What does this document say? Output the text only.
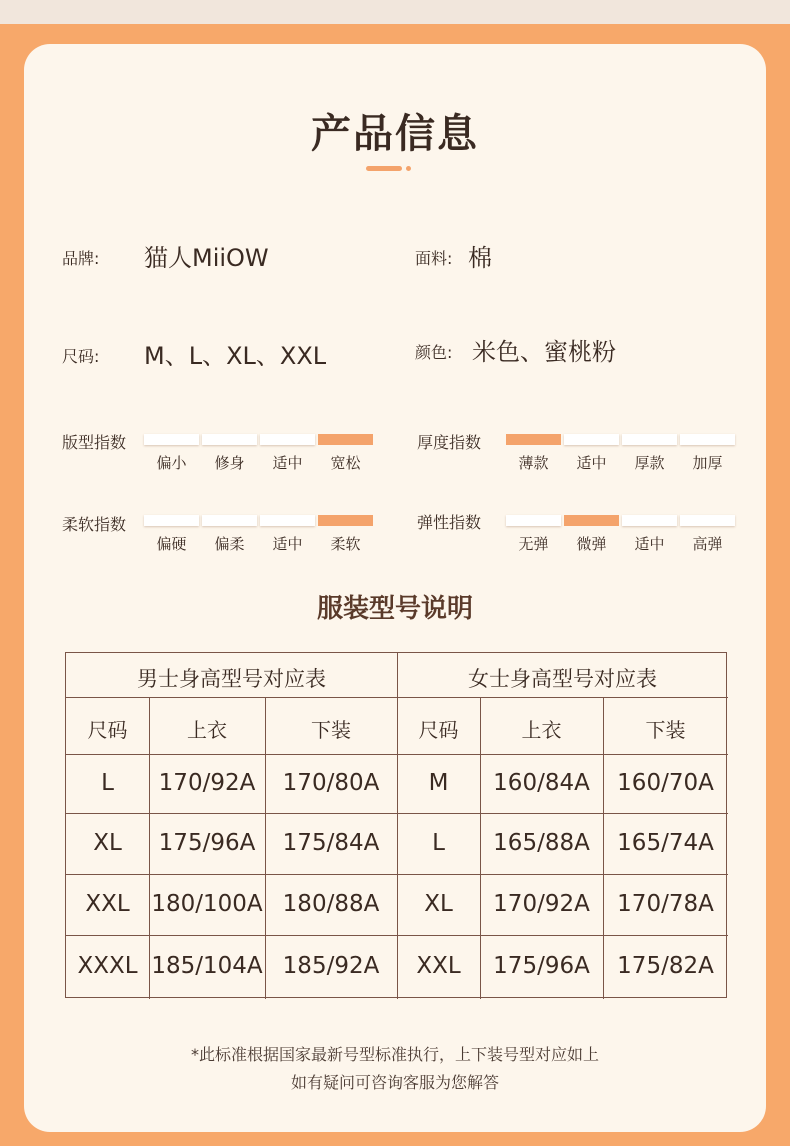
产品信息
品牌: 猫人MiiOW	面料: 棉
尺码: M、L、XL、XXL	颜色: 米色、蜜桃粉
版型指数
偏小	修身	适中	宽松
厚度指数
薄款	适中	厚款	加厚
柔软指数
偏硬	偏柔	适中	柔软
弹性指数
无弹	微弹	适中	高弹
服装型号说明
男士身高型号对应表	女士身高型号对应表
尺码	上衣	下装	尺码	上衣	下装
L	170/92A	170/80A	M	160/84A	160/70A
XL	175/96A	175/84A	L	165/88A	165/74A
XXL 180/100A 180/88A	XL	170/92A	170/78A
XXXL 185/104A 185/92A	XXL	175/96A	175/82A
*此标准根据国家最新号型标准执行，上下装号型对应如上
如有疑问可咨询客服为您解答
